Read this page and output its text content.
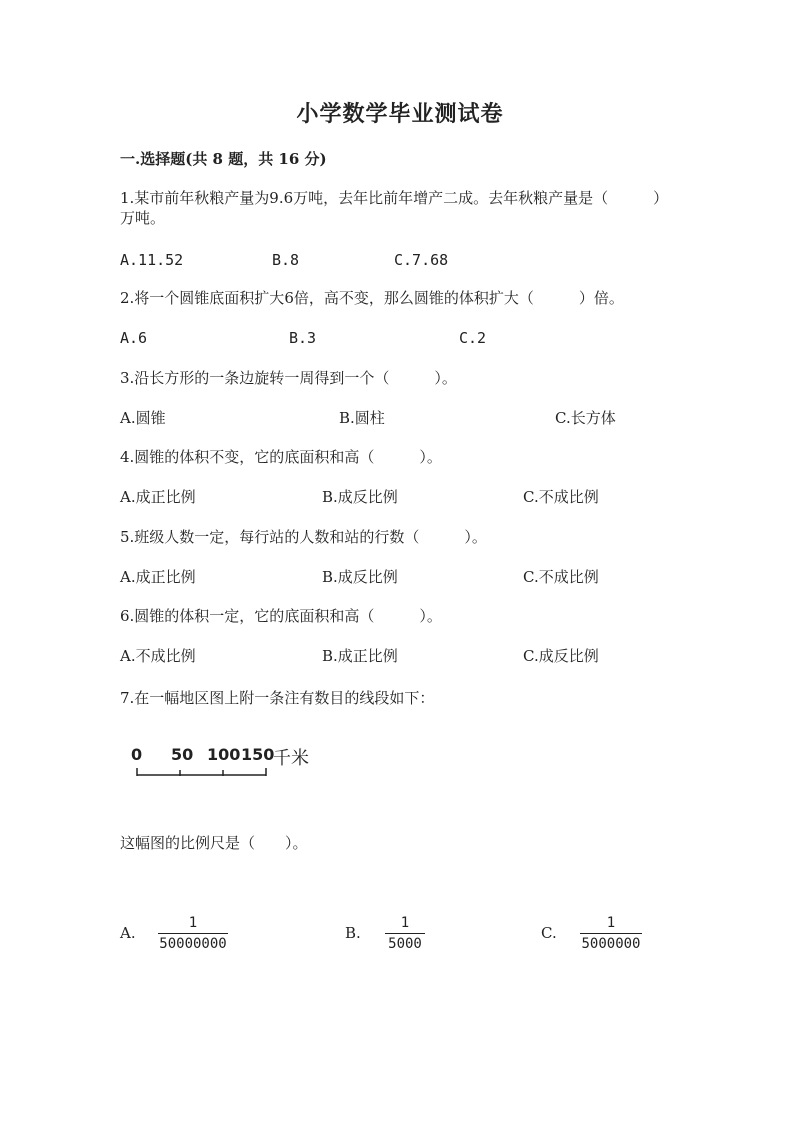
小学数学毕业测试卷
一.选择题(共 8 题，共 16 分)
1.某市前年秋粮产量为9.6万吨，去年比前年增产二成。去年秋粮产量是（　　　）万吨。
A.11.52	B.8	C.7.68
2.将一个圆锥底面积扩大6倍，高不变，那么圆锥的体积扩大（　　　）倍。
A.6	B.3	C.2
3.沿长方形的一条边旋转一周得到一个（　　　）。
A.圆锥	B.圆柱	C.长方体
4.圆锥的体积不变，它的底面积和高（　　　）。
A.成正比例	B.成反比例	C.不成比例
5.班级人数一定，每行站的人数和站的行数（　　　）。
A.成正比例	B.成反比例	C.不成比例
6.圆锥的体积一定，它的底面积和高（　　　）。
A.不成比例	B.成正比例	C.成反比例
7.在一幅地区图上附一条注有数目的线段如下：
0 50 100 150
千米
这幅图的比例尺是（　　）。
A.
1
50000000
B.
1
5000
C.
1
5000000
